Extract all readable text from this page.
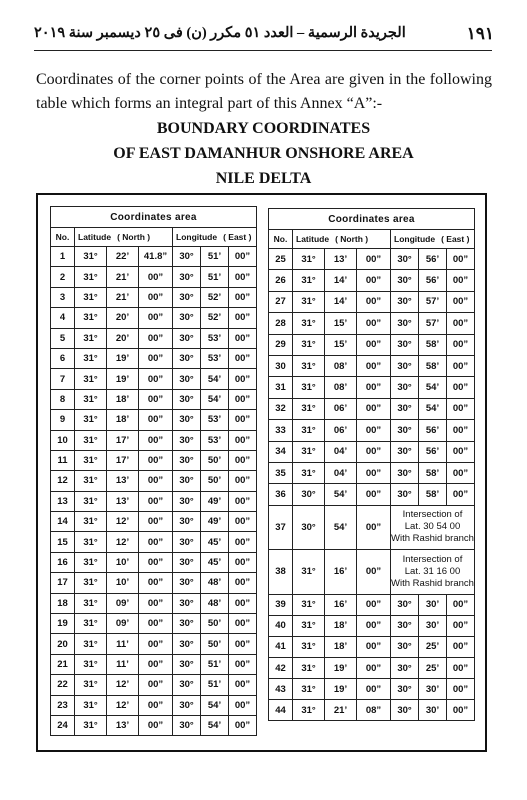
١٩١
الجريدة الرسمية – العدد ٥١ مكرر (ن) فى ٢٥ ديسمبر سنة ٢٠١٩
Coordinates of the corner points of the Area are given in the following
table which forms an integral part of this Annex “A”:-
BOUNDARY COORDINATES
OF EAST DAMANHUR ONSHORE AREA
NILE DELTA
Coordinates area						
No.	Latitude ( North )			Longitude ( East )		
1	31°	22’	41.8”	30°	51’	00”
2	31°	21’	00”	30°	51’	00”
3	31°	21’	00”	30°	52’	00”
4	31°	20’	00”	30°	52’	00”
5	31°	20’	00”	30°	53’	00”
6	31°	19’	00”	30°	53’	00”
7	31°	19’	00”	30°	54’	00”
8	31°	18’	00”	30°	54’	00”
9	31°	18’	00”	30°	53’	00”
10	31°	17’	00”	30°	53’	00”
11	31°	17’	00”	30°	50’	00”
12	31°	13’	00”	30°	50’	00”
13	31°	13’	00”	30°	49’	00”
14	31°	12’	00”	30°	49’	00”
15	31°	12’	00”	30°	45’	00”
16	31°	10’	00”	30°	45’	00”
17	31°	10’	00”	30°	48’	00”
18	31°	09’	00”	30°	48’	00”
19	31°	09’	00”	30°	50’	00”
20	31°	11’	00”	30°	50’	00”
21	31°	11’	00”	30°	51’	00”
22	31°	12’	00”	30°	51’	00”
23	31°	12’	00”	30°	54’	00”
24	31°	13’	00”	30°	54’	00”
Coordinates area						
No.	Latitude ( North )			Longitude ( East )		
25	31°	13’	00”	30°	56’	00”
26	31°	14’	00”	30°	56’	00”
27	31°	14’	00”	30°	57’	00”
28	31°	15’	00”	30°	57’	00”
29	31°	15’	00”	30°	58’	00”
30	31°	08’	00”	30°	58’	00”
31	31°	08’	00”	30°	54’	00”
32	31°	06’	00”	30°	54’	00”
33	31°	06’	00”	30°	56’	00”
34	31°	04’	00”	30°	56’	00”
35	31°	04’	00”	30°	58’	00”
36	30°	54’	00”	30°	58’	00”
37	30°	54’	00”	Intersection of
Lat. 30 54 00
With Rashid branch		
38	31°	16’	00”	Intersection of
Lat. 31 16 00
With Rashid branch		
39	31°	16’	00”	30°	30’	00”
40	31°	18’	00”	30°	30’	00”
41	31°	18’	00”	30°	25’	00”
42	31°	19’	00”	30°	25’	00”
43	31°	19’	00”	30°	30’	00”
44	31°	21’	08”	30°	30’	00”
